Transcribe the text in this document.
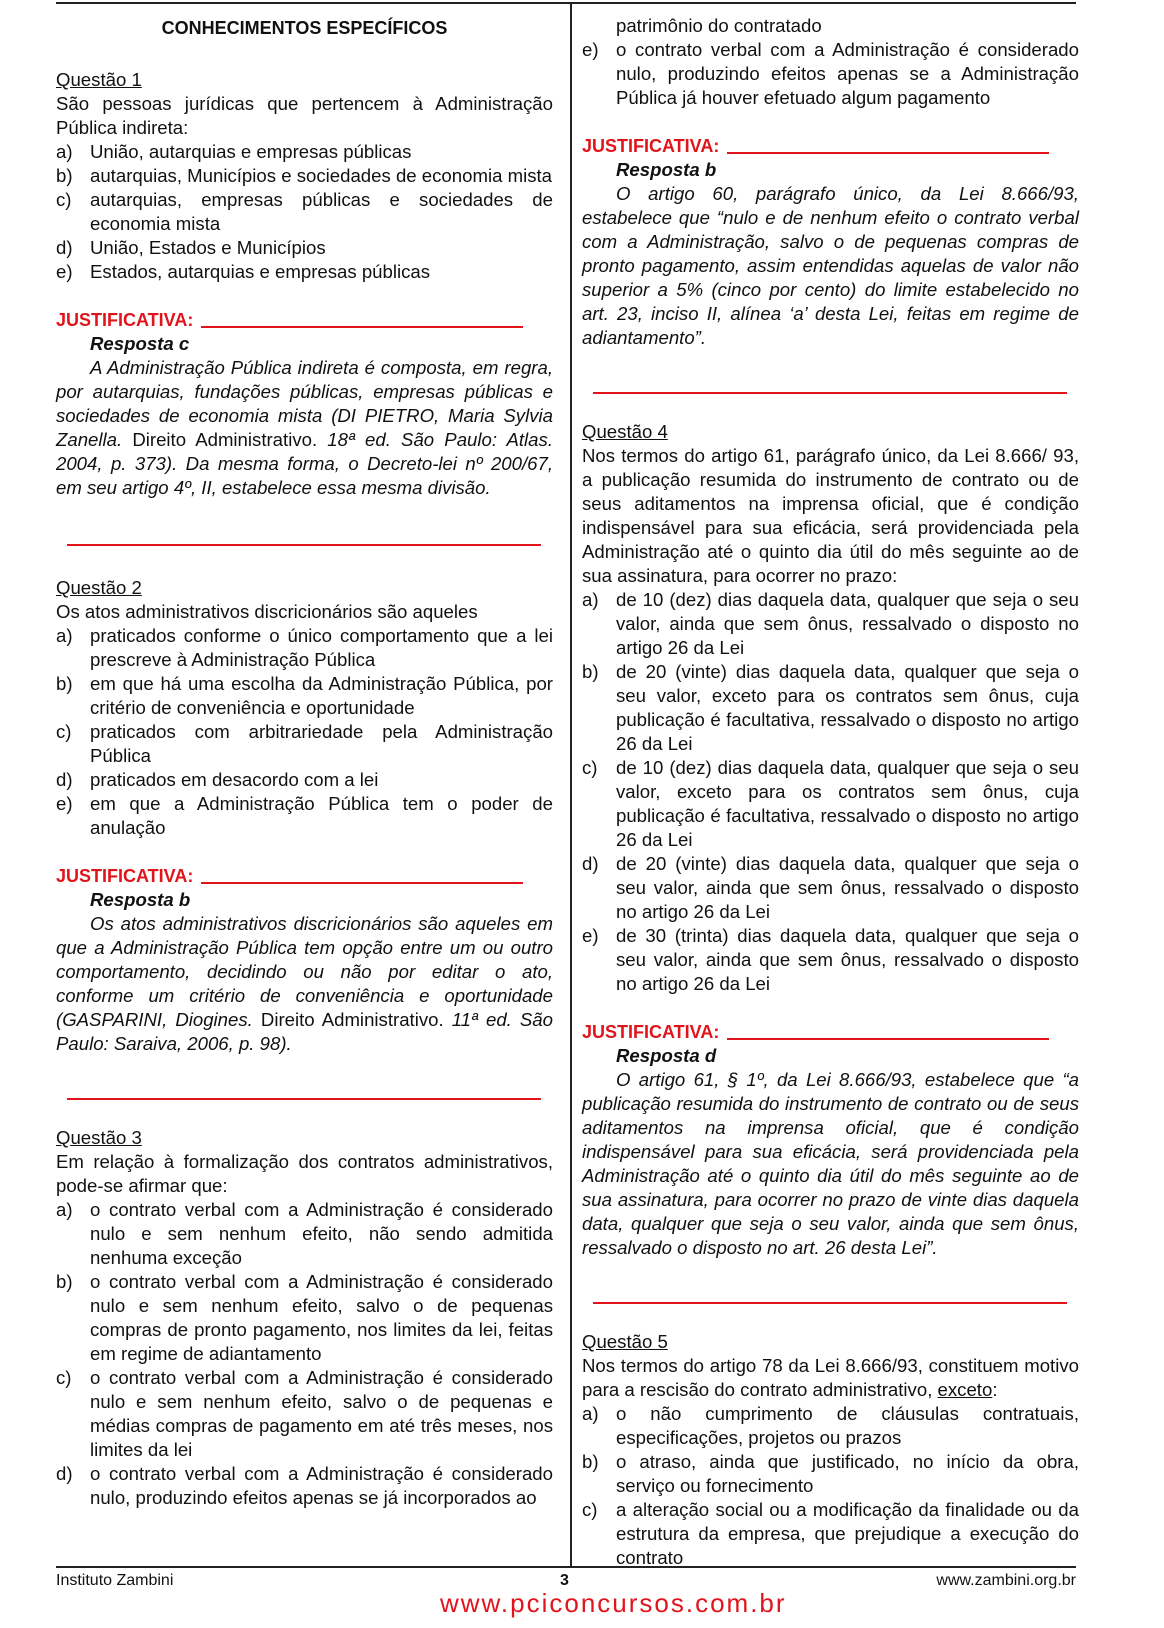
CONHECIMENTOS ESPECÍFICOS
Questão 1
São pessoas jurídicas que pertencem à Administração Pública indireta:
a) União, autarquias e empresas públicas
b) autarquias, Municípios e sociedades de economia mista
c) autarquias, empresas públicas e sociedades de economia mista
d) União, Estados e Municípios
e) Estados, autarquias e empresas públicas
JUSTIFICATIVA:
Resposta c
A Administração Pública indireta é composta, em regra, por autarquias, fundações públicas, empresas públicas e sociedades de economia mista (DI PIETRO, Maria Sylvia Zanella. Direito Administrativo. 18ª ed. São Paulo: Atlas. 2004, p. 373). Da mesma forma, o Decreto-lei nº 200/67, em seu artigo 4º, II, estabelece essa mesma divisão.
Questão 2
Os atos administrativos discricionários são aqueles
a) praticados conforme o único comportamento que a lei prescreve à Administração Pública
b) em que há uma escolha da Administração Pública, por critério de conveniência e oportunidade
c) praticados com arbitrariedade pela Administração Pública
d) praticados em desacordo com a lei
e) em que a Administração Pública tem o poder de anulação
JUSTIFICATIVA:
Resposta b
Os atos administrativos discricionários são aqueles em que a Administração Pública tem opção entre um ou outro comportamento, decidindo ou não por editar o ato, conforme um critério de conveniência e oportunidade (GASPARINI, Diogines. Direito Administrativo. 11ª ed. São Paulo: Saraiva, 2006, p. 98).
Questão 3
Em relação à formalização dos contratos administrativos, pode-se afirmar que:
a) o contrato verbal com a Administração é considerado nulo e sem nenhum efeito, não sendo admitida nenhuma exceção
b) o contrato verbal com a Administração é considerado nulo e sem nenhum efeito, salvo o de pequenas compras de pronto pagamento, nos limites da lei, feitas em regime de adiantamento
c) o contrato verbal com a Administração é considerado nulo e sem nenhum efeito, salvo o de pequenas e médias compras de pagamento em até três meses, nos limites da lei
d) o contrato verbal com a Administração é considerado nulo, produzindo efeitos apenas se já incorporados ao
patrimônio do contratado
e) o contrato verbal com a Administração é considerado nulo, produzindo efeitos apenas se a Administração Pública já houver efetuado algum pagamento
JUSTIFICATIVA:
Resposta b
O artigo 60, parágrafo único, da Lei 8.666/93, estabelece que “nulo e de nenhum efeito o contrato verbal com a Administração, salvo o de pequenas compras de pronto pagamento, assim entendidas aquelas de valor não superior a 5% (cinco por cento) do limite estabelecido no art. 23, inciso II, alínea ‘a’ desta Lei, feitas em regime de adiantamento”.
Questão 4
Nos termos do artigo 61, parágrafo único, da Lei 8.666/ 93, a publicação resumida do instrumento de contrato ou de seus aditamentos na imprensa oficial, que é condição indispensável para sua eficácia, será providenciada pela Administração até o quinto dia útil do mês seguinte ao de sua assinatura, para ocorrer no prazo:
a) de 10 (dez) dias daquela data, qualquer que seja o seu valor, ainda que sem ônus, ressalvado o disposto no artigo 26 da Lei
b) de 20 (vinte) dias daquela data, qualquer que seja o seu valor, exceto para os contratos sem ônus, cuja publicação é facultativa, ressalvado o disposto no artigo 26 da Lei
c) de 10 (dez) dias daquela data, qualquer que seja o seu valor, exceto para os contratos sem ônus, cuja publicação é facultativa, ressalvado o disposto no artigo 26 da Lei
d) de 20 (vinte) dias daquela data, qualquer que seja o seu valor, ainda que sem ônus, ressalvado o disposto no artigo 26 da Lei
e) de 30 (trinta) dias daquela data, qualquer que seja o seu valor, ainda que sem ônus, ressalvado o disposto no artigo 26 da Lei
JUSTIFICATIVA:
Resposta d
O artigo 61, § 1º, da Lei 8.666/93, estabelece que “a publicação resumida do instrumento de contrato ou de seus aditamentos na imprensa oficial, que é condição indispensável para sua eficácia, será providenciada pela Administração até o quinto dia útil do mês seguinte ao de sua assinatura, para ocorrer no prazo de vinte dias daquela data, qualquer que seja o seu valor, ainda que sem ônus, ressalvado o disposto no art. 26 desta Lei”.
Questão 5
Nos termos do artigo 78 da Lei 8.666/93, constituem motivo para a rescisão do contrato administrativo, exceto:
a) o não cumprimento de cláusulas contratuais, especificações, projetos ou prazos
b) o atraso, ainda que justificado, no início da obra, serviço ou fornecimento
c) a alteração social ou a modificação da finalidade ou da estrutura da empresa, que prejudique a execução do contrato
Instituto Zambini	3	www.zambini.org.br
www.pciconcursos.com.br
